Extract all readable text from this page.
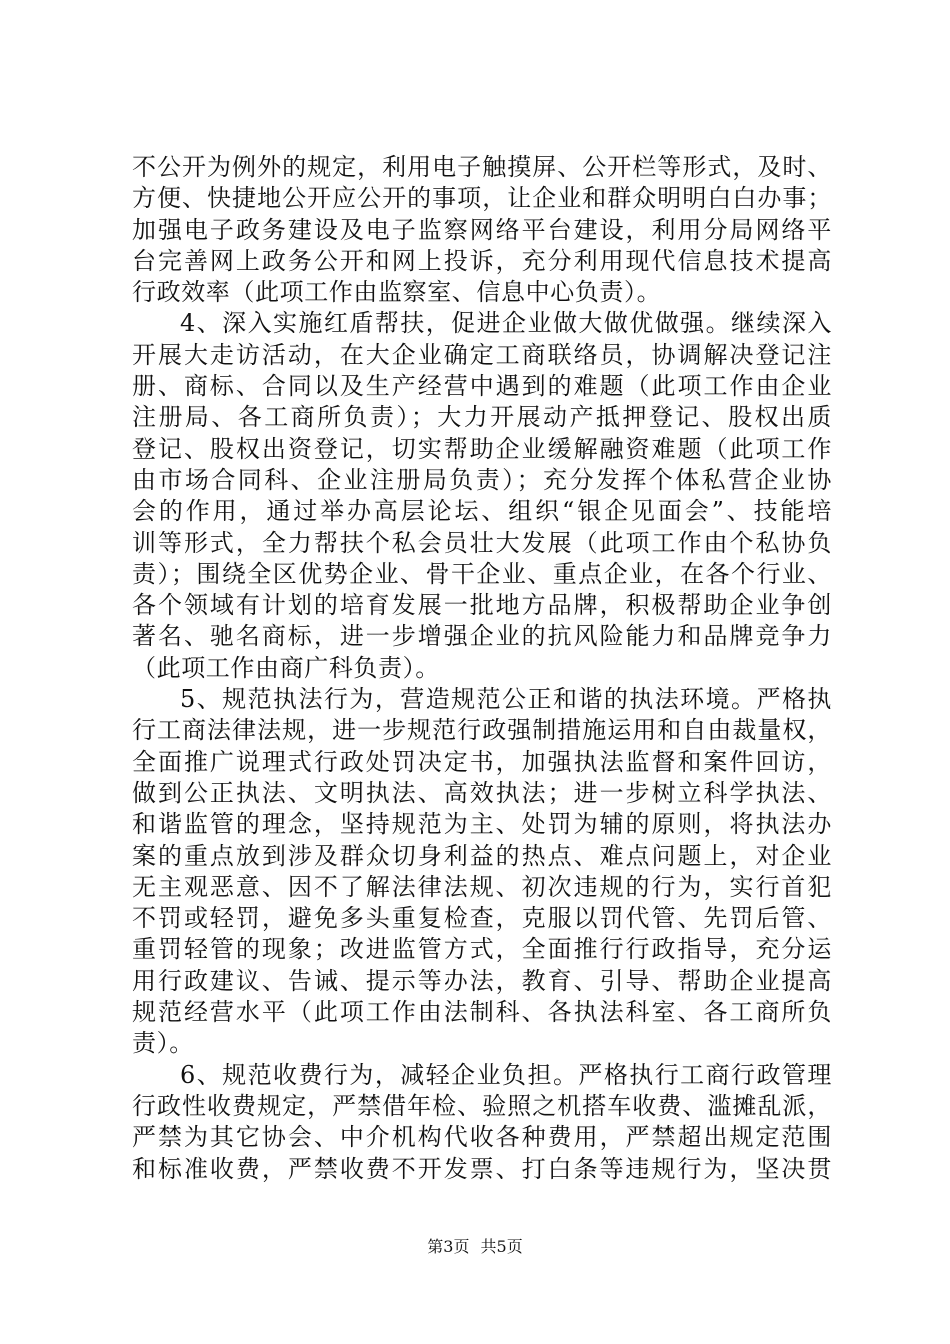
不公开为例外的规定，利用电子触摸屏、公开栏等形式，及时、
方便、快捷地公开应公开的事项，让企业和群众明明白白办事；
加强电子政务建设及电子监察网络平台建设，利用分局网络平
台完善网上政务公开和网上投诉，充分利用现代信息技术提高
行政效率（此项工作由监察室、信息中心负责）。
4、深入实施红盾帮扶，促进企业做大做优做强。继续深入
开展大走访活动，在大企业确定工商联络员，协调解决登记注
册、商标、合同以及生产经营中遇到的难题（此项工作由企业
注册局、各工商所负责）；大力开展动产抵押登记、股权出质
登记、股权出资登记，切实帮助企业缓解融资难题（此项工作
由市场合同科、企业注册局负责）；充分发挥个体私营企业协
会的作用，通过举办高层论坛、组织“银企见面会”、技能培
训等形式，全力帮扶个私会员壮大发展（此项工作由个私协负
责）；围绕全区优势企业、骨干企业、重点企业，在各个行业、
各个领域有计划的培育发展一批地方品牌，积极帮助企业争创
著名、驰名商标，进一步增强企业的抗风险能力和品牌竞争力
（此项工作由商广科负责）。
5、规范执法行为，营造规范公正和谐的执法环境。严格执
行工商法律法规，进一步规范行政强制措施运用和自由裁量权，
全面推广说理式行政处罚决定书，加强执法监督和案件回访，
做到公正执法、文明执法、高效执法；进一步树立科学执法、
和谐监管的理念，坚持规范为主、处罚为辅的原则，将执法办
案的重点放到涉及群众切身利益的热点、难点问题上，对企业
无主观恶意、因不了解法律法规、初次违规的行为，实行首犯
不罚或轻罚，避免多头重复检查，克服以罚代管、先罚后管、
重罚轻管的现象；改进监管方式，全面推行行政指导，充分运
用行政建议、告诫、提示等办法，教育、引导、帮助企业提高
规范经营水平（此项工作由法制科、各执法科室、各工商所负
责）。
6、规范收费行为，减轻企业负担。严格执行工商行政管理
行政性收费规定，严禁借年检、验照之机搭车收费、滥摊乱派，
严禁为其它协会、中介机构代收各种费用，严禁超出规定范围
和标准收费，严禁收费不开发票、打白条等违规行为，坚决贯
第3页 共5页
